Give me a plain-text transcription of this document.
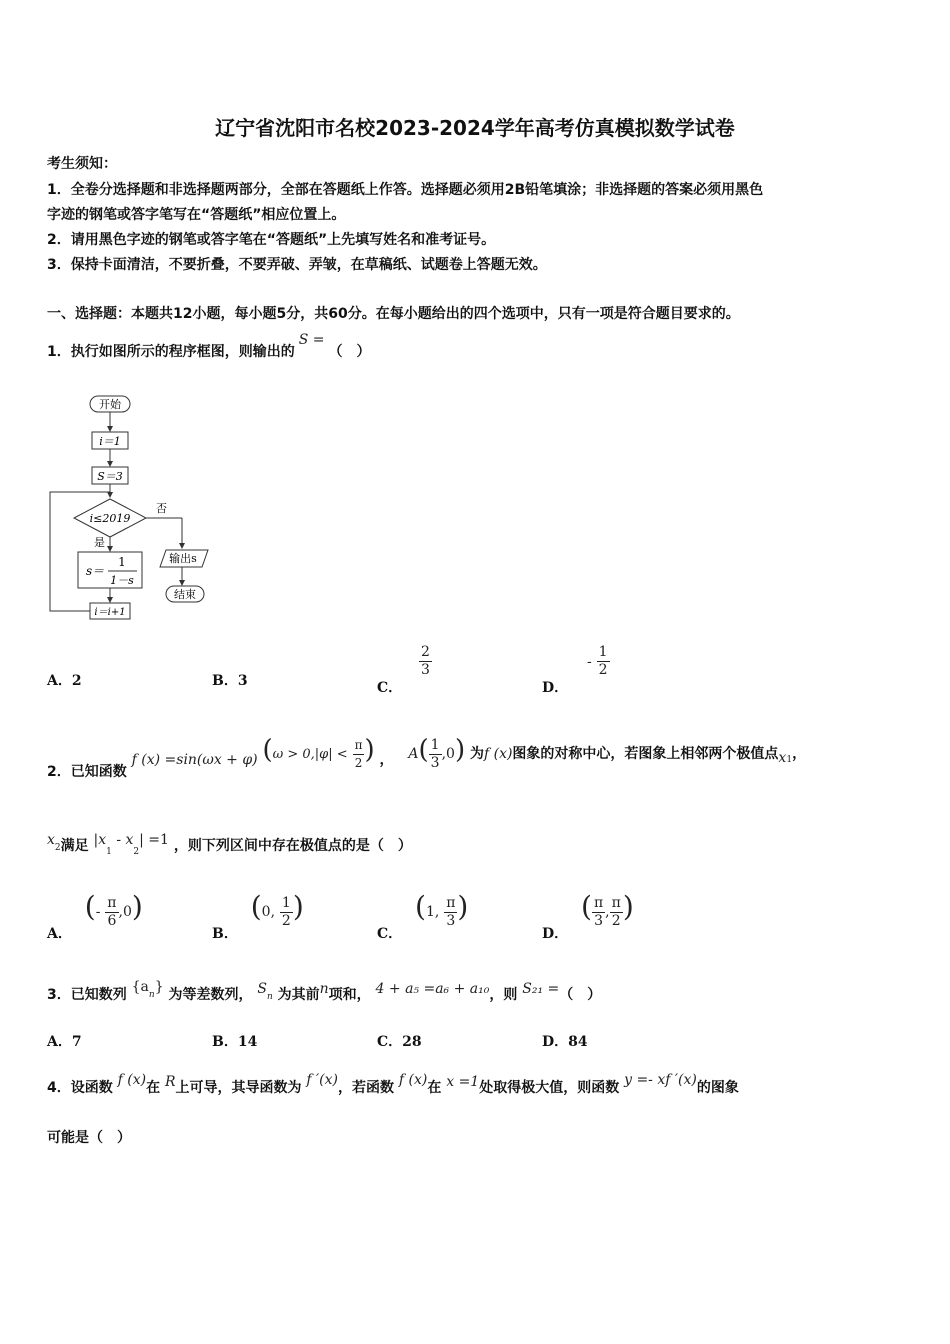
辽宁省沈阳市名校2023-2024学年高考仿真模拟数学试卷
考生须知：
1．全卷分选择题和非选择题两部分，全部在答题纸上作答。选择题必须用2B铅笔填涂；非选择题的答案必须用黑色
字迹的钢笔或答字笔写在“答题纸”相应位置上。
2．请用黑色字迹的钢笔或答字笔在“答题纸”上先填写姓名和准考证号。
3．保持卡面清洁，不要折叠，不要弄破、弄皱，在草稿纸、试题卷上答题无效。
一、选择题：本题共12小题，每小题5分，共60分。在每小题给出的四个选项中，只有一项是符合题目要求的。
1．执行如图所示的程序框图，则输出的S =（　）
开始
i＝1
S＝3
i≤2019
否
是
s＝
1
1－s
i＝i+1
输出s
结束
A．2	B．3	C．
$\frac{2}{3}$
D． - $\frac{1}{2}$
2．已知函数 f (x) =sin(ωx + φ) ($\omega > 0,|\varphi| < \frac{\pi}{2}$ ) ， $A( \frac{1}{3} ,0)$ 为f (x)图象的对称中心，若图象上相邻两个极值点$x_1$，
$x_2$满足 $|x_1 - x_2| =1$ ，则下列区间中存在极值点的是（　）
A． (- $\frac{\pi}{6} ,0$)
B． (0, $\frac{1}{2}$ )
C． (1, $\frac{\pi}{3}$ )
D． ( $\frac{\pi}{3}$ , $\frac{\pi}{2}$ )
3．已知数列 $\{a_n\}$ 为等差数列， $S_n$ 为其前n项和， 4 + a₅ =a₆ + a₁₀，则 S₂₁ =（　）
A．7	B．14	C．28	D．84
4．设函数 f (x)在 R上可导，其导函数为 f ′(x)，若函数 f (x)在 x =1处取得极大值，则函数 y =- xf ′(x)的图象
可能是（　）
